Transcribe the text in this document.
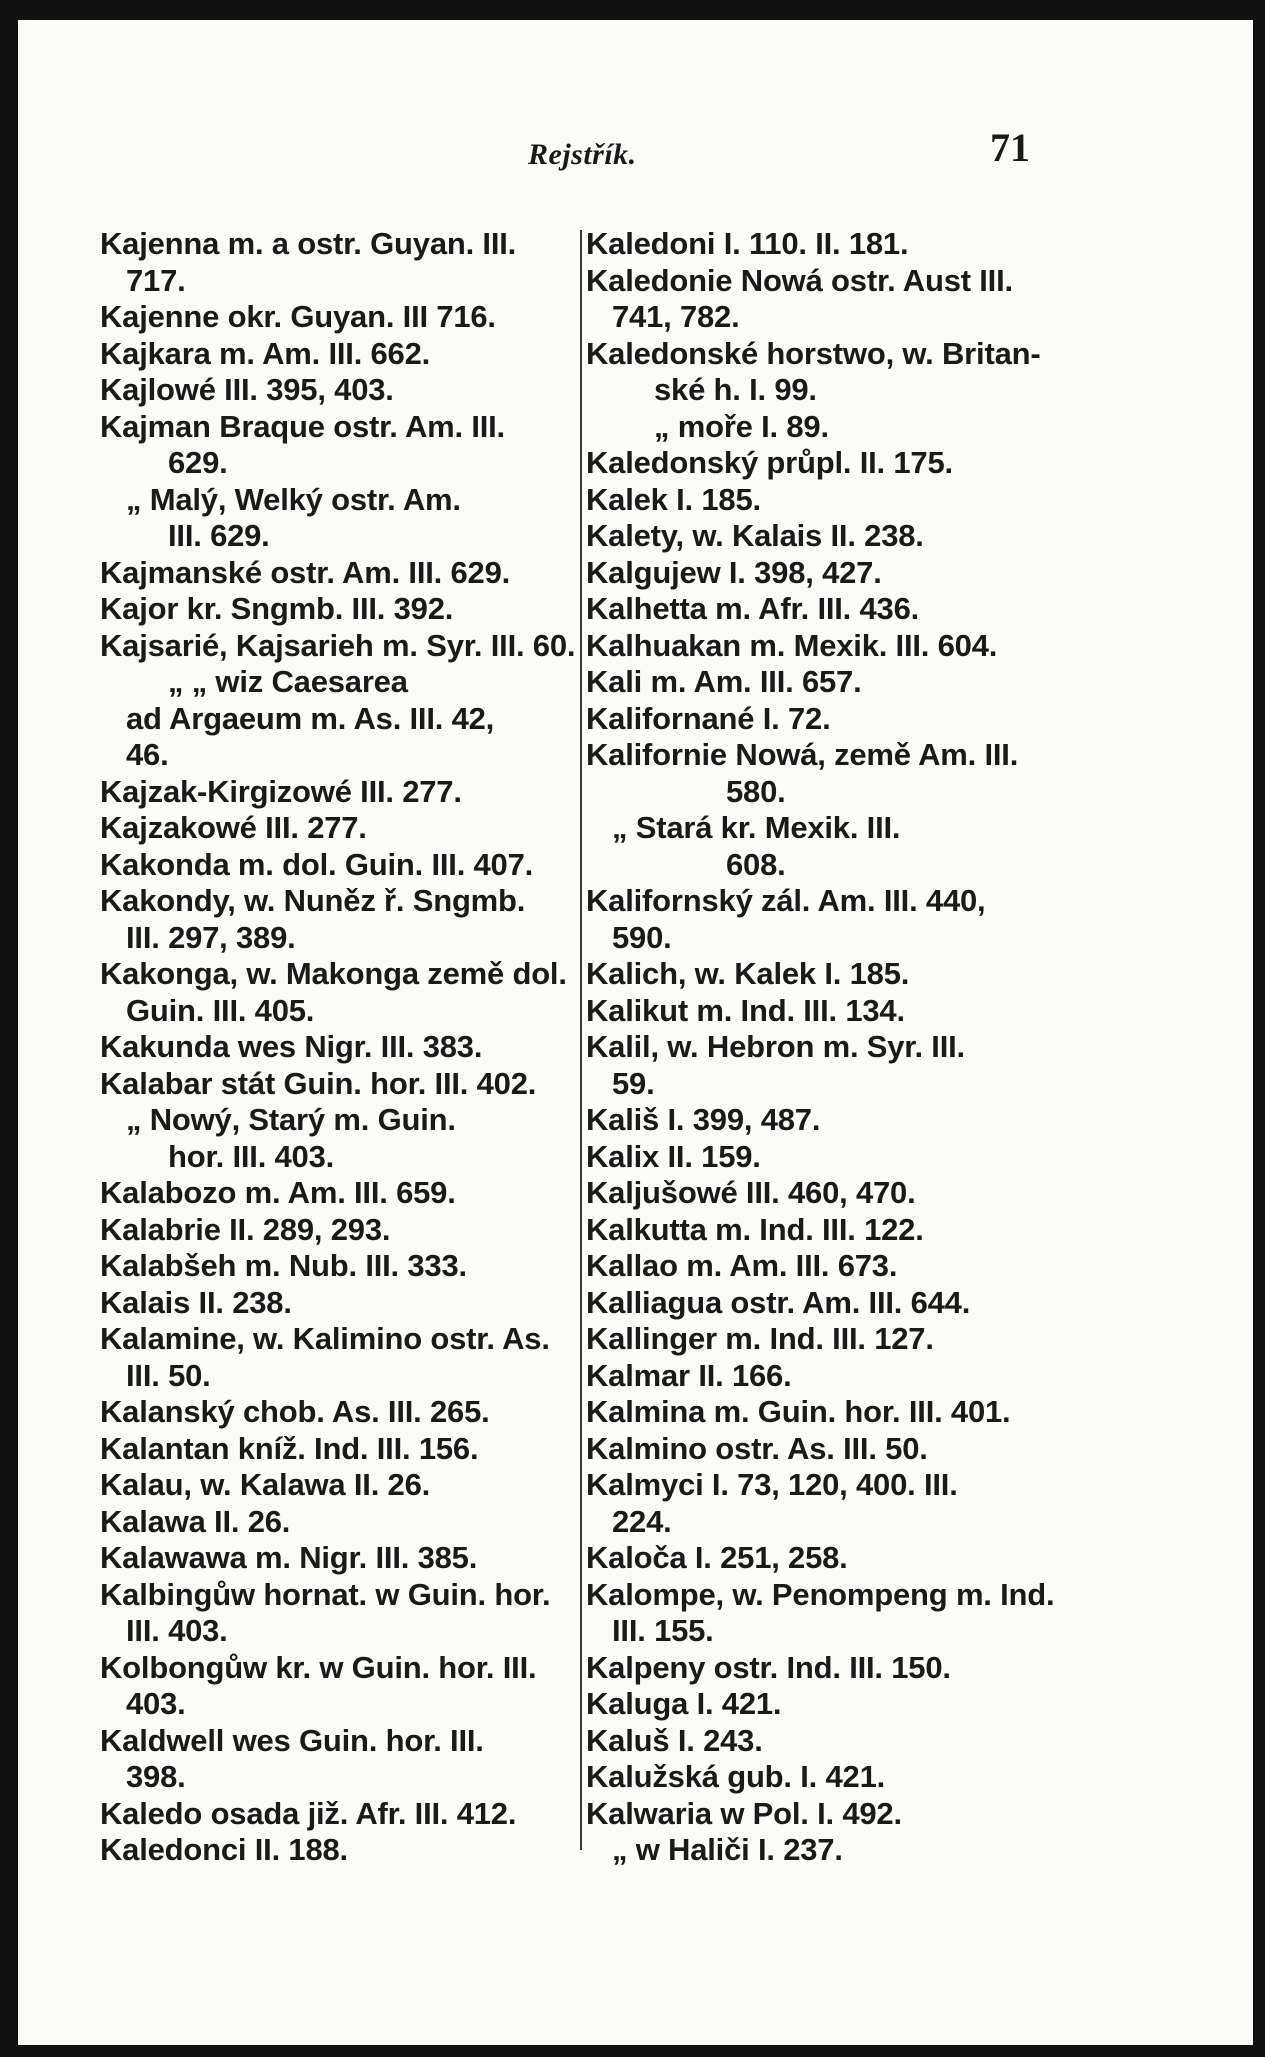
Rejstřík.	71
Kajenna m. a ostr. Guyan. III.
717.
Kajenne okr. Guyan. III 716.
Kajkara m. Am. III. 662.
Kajlowé III. 395, 403.
Kajman Braque ostr. Am. III.
629.
„ Malý, Welký ostr. Am.
III. 629.
Kajmanské ostr. Am. III. 629.
Kajor kr. Sngmb. III. 392.
Kajsarié, Kajsarieh m. Syr. III. 60.
„ „ wiz Caesarea
ad Argaeum m. As. III. 42,
46.
Kajzak-Kirgizowé III. 277.
Kajzakowé III. 277.
Kakonda m. dol. Guin. III. 407.
Kakondy, w. Nuněz ř. Sngmb.
III. 297, 389.
Kakonga, w. Makonga země dol.
Guin. III. 405.
Kakunda wes Nigr. III. 383.
Kalabar stát Guin. hor. III. 402.
„ Nowý, Starý m. Guin.
hor. III. 403.
Kalabozo m. Am. III. 659.
Kalabrie II. 289, 293.
Kalabšeh m. Nub. III. 333.
Kalais II. 238.
Kalamine, w. Kalimino ostr. As.
III. 50.
Kalanský chob. As. III. 265.
Kalantan kníž. Ind. III. 156.
Kalau, w. Kalawa II. 26.
Kalawa II. 26.
Kalawawa m. Nigr. III. 385.
Kalbingůw hornat. w Guin. hor.
III. 403.
Kolbongůw kr. w Guin. hor. III.
403.
Kaldwell wes Guin. hor. III.
398.
Kaledo osada již. Afr. III. 412.
Kaledonci II. 188.
Kaledoni I. 110. II. 181.
Kaledonie Nowá ostr. Aust III.
741, 782.
Kaledonské horstwo, w. Britan-
ské h. I. 99.
„ moře I. 89.
Kaledonský průpl. II. 175.
Kalek I. 185.
Kalety, w. Kalais II. 238.
Kalgujew I. 398, 427.
Kalhetta m. Afr. III. 436.
Kalhuakan m. Mexik. III. 604.
Kali m. Am. III. 657.
Kalifornané I. 72.
Kalifornie Nowá, země Am. III.
580.
„ Stará kr. Mexik. III.
608.
Kalifornský zál. Am. III. 440,
590.
Kalich, w. Kalek I. 185.
Kalikut m. Ind. III. 134.
Kalil, w. Hebron m. Syr. III.
59.
Kališ I. 399, 487.
Kalix II. 159.
Kaljušowé III. 460, 470.
Kalkutta m. Ind. III. 122.
Kallao m. Am. III. 673.
Kalliagua ostr. Am. III. 644.
Kallinger m. Ind. III. 127.
Kalmar II. 166.
Kalmina m. Guin. hor. III. 401.
Kalmino ostr. As. III. 50.
Kalmyci I. 73, 120, 400. III.
224.
Kaloča I. 251, 258.
Kalompe, w. Penompeng m. Ind.
III. 155.
Kalpeny ostr. Ind. III. 150.
Kaluga I. 421.
Kaluš I. 243.
Kalužská gub. I. 421.
Kalwaria w Pol. I. 492.
„ w Haliči I. 237.
